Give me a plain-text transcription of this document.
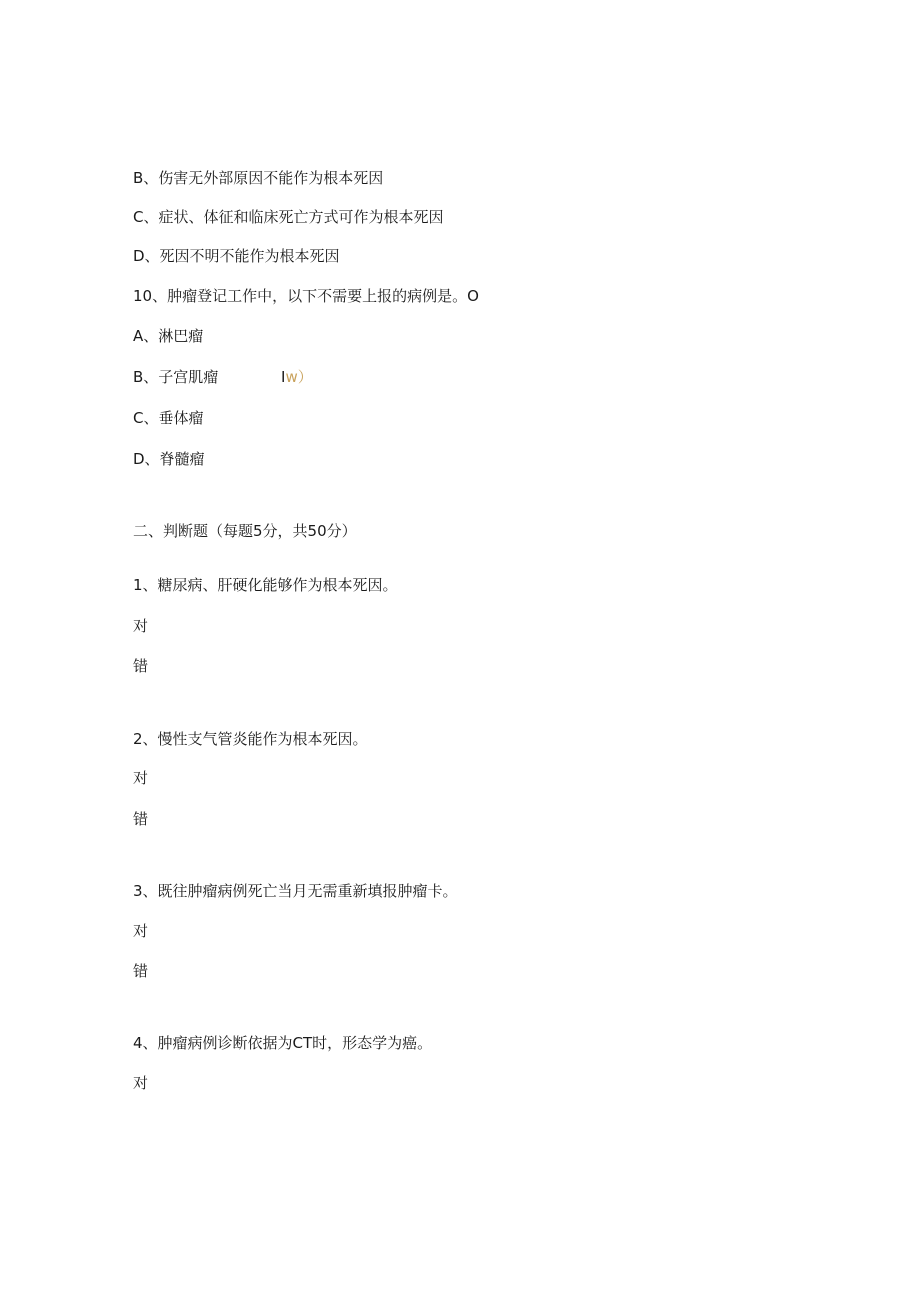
B、伤害无外部原因不能作为根本死因
C、症状、体征和临床死亡方式可作为根本死因
D、死因不明不能作为根本死因
10、肿瘤登记工作中，以下不需要上报的病例是。O
A、淋巴瘤
B、子宫肌瘤	Iw）
C、垂体瘤
D、脊髓瘤
二、判断题（每题5分，共50分）
1、糖尿病、肝硬化能够作为根本死因。
对
错
2、慢性支气管炎能作为根本死因。
对
错
3、既往肿瘤病例死亡当月无需重新填报肿瘤卡。
对
错
4、肿瘤病例诊断依据为CT时，形态学为癌。
对
